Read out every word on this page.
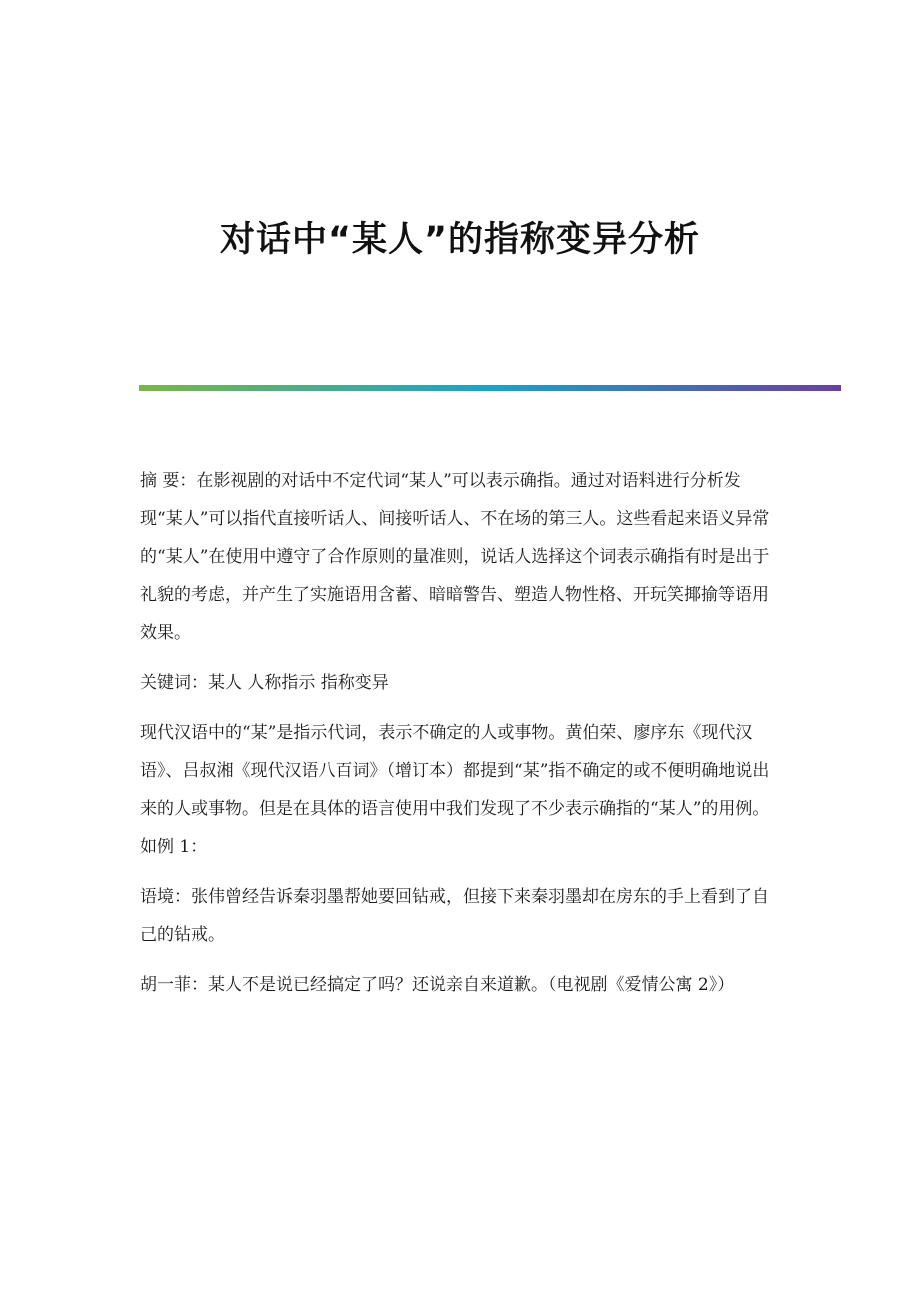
对话中“某人”的指称变异分析

摘 要：在影视剧的对话中不定代词“某人”可以表示确指。通过对语料进行分析发现“某人”可以指代直接听话人、间接听话人、不在场的第三人。这些看起来语义异常的“某人”在使用中遵守了合作原则的量准则，说话人选择这个词表示确指有时是出于礼貌的考虑，并产生了实施语用含蓄、暗暗警告、塑造人物性格、开玩笑揶揄等语用效果。

关键词：某人 人称指示 指称变异

现代汉语中的“某”是指示代词，表示不确定的人或事物。黄伯荣、廖序东《现代汉语》、吕叔湘《现代汉语八百词》（增订本）都提到“某”指不确定的或不便明确地说出来的人或事物。但是在具体的语言使用中我们发现了不少表示确指的“某人”的用例。如例 1：

语境：张伟曾经告诉秦羽墨帮她要回钻戒，但接下来秦羽墨却在房东的手上看到了自己的钻戒。

胡一菲：某人不是说已经搞定了吗？还说亲自来道歉。（电视剧《爱情公寓 2》）
